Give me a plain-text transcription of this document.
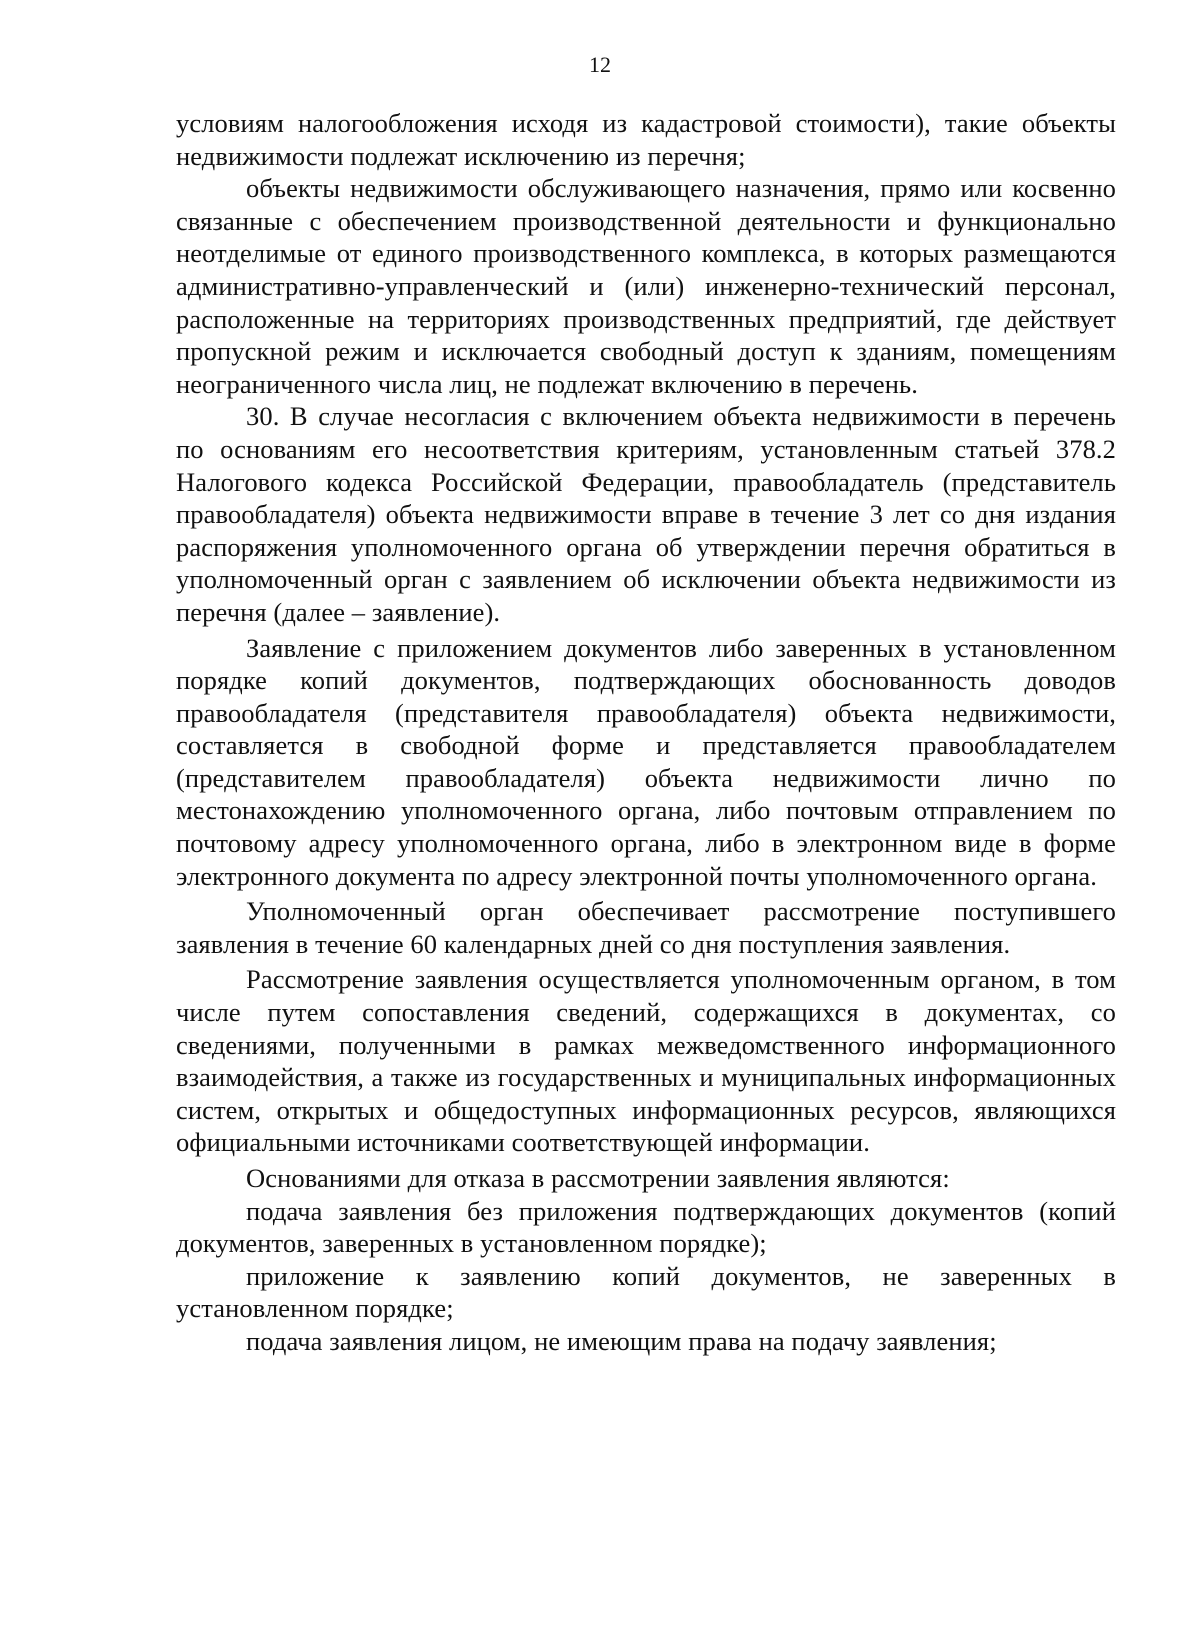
12

условиям налогообложения исходя из кадастровой стоимости), такие объекты недвижимости подлежат исключению из перечня;

объекты недвижимости обслуживающего назначения, прямо или косвенно связанные с обеспечением производственной деятельности и функционально неотделимые от единого производственного комплекса, в которых размещаются административно-управленческий и (или) инженерно-технический персонал, расположенные на территориях производственных предприятий, где действует пропускной режим и исключается свободный доступ к зданиям, помещениям неограниченного числа лиц, не подлежат включению в перечень.

30. В случае несогласия с включением объекта недвижимости в перечень по основаниям его несоответствия критериям, установленным статьей 378.2 Налогового кодекса Российской Федерации, правообладатель (представитель правообладателя) объекта недвижимости вправе в течение 3 лет со дня издания распоряжения уполномоченного органа об утверждении перечня обратиться в уполномоченный орган с заявлением об исключении объекта недвижимости из перечня (далее – заявление).

Заявление с приложением документов либо заверенных в установленном порядке копий документов, подтверждающих обоснованность доводов правообладателя (представителя правообладателя) объекта недвижимости, составляется в свободной форме и представляется правообладателем (представителем правообладателя) объекта недвижимости лично по местонахождению уполномоченного органа, либо почтовым отправлением по почтовому адресу уполномоченного органа, либо в электронном виде в форме электронного документа по адресу электронной почты уполномоченного органа.

Уполномоченный орган обеспечивает рассмотрение поступившего заявления в течение 60 календарных дней со дня поступления заявления.

Рассмотрение заявления осуществляется уполномоченным органом, в том числе путем сопоставления сведений, содержащихся в документах, со сведениями, полученными в рамках межведомственного информационного взаимодействия, а также из государственных и муниципальных информационных систем, открытых и общедоступных информационных ресурсов, являющихся официальными источниками соответствующей информации.

Основаниями для отказа в рассмотрении заявления являются:

подача заявления без приложения подтверждающих документов (копий документов, заверенных в установленном порядке);

приложение к заявлению копий документов, не заверенных в установленном порядке;

подача заявления лицом, не имеющим права на подачу заявления;
